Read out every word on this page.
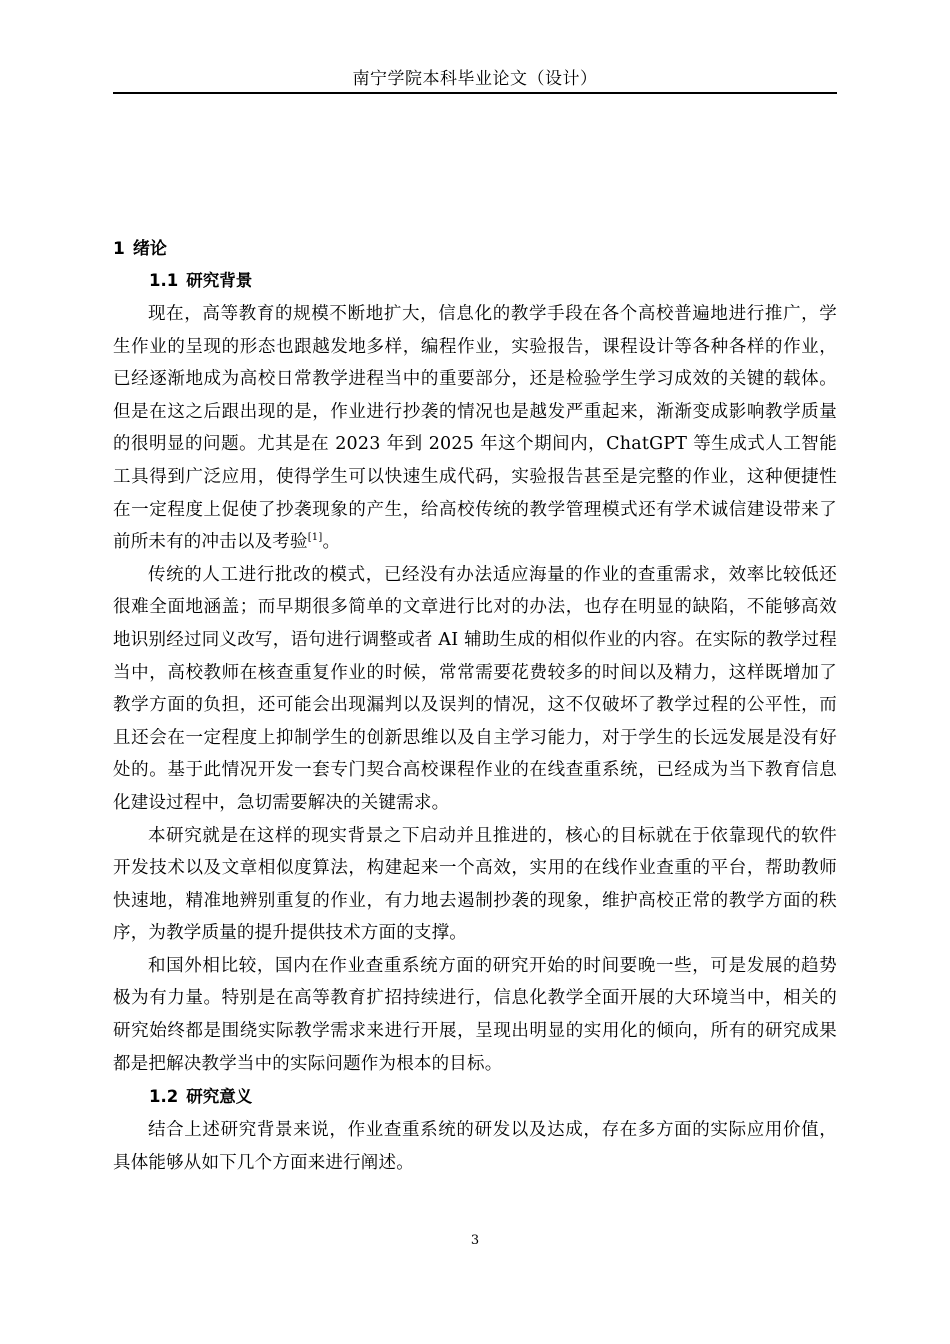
南宁学院本科毕业论文（设计）
1 绪论
1.1 研究背景

现在，高等教育的规模不断地扩大，信息化的教学手段在各个高校普遍地进行推广，学生作业的呈现的形态也跟越发地多样，编程作业，实验报告，课程设计等各种各样的作业，已经逐渐地成为高校日常教学进程当中的重要部分，还是检验学生学习成效的关键的载体。但是在这之后跟出现的是，作业进行抄袭的情况也是越发严重起来，渐渐变成影响教学质量的很明显的问题。尤其是在 2023 年到 2025 年这个期间内，ChatGPT 等生成式人工智能工具得到广泛应用，使得学生可以快速生成代码，实验报告甚至是完整的作业，这种便捷性在一定程度上促使了抄袭现象的产生，给高校传统的教学管理模式还有学术诚信建设带来了前所未有的冲击以及考验[1]。

传统的人工进行批改的模式，已经没有办法适应海量的作业的查重需求，效率比较低还很难全面地涵盖；而早期很多简单的文章进行比对的办法，也存在明显的缺陷，不能够高效地识别经过同义改写，语句进行调整或者 AI 辅助生成的相似作业的内容。在实际的教学过程当中，高校教师在核查重复作业的时候，常常需要花费较多的时间以及精力，这样既增加了教学方面的负担，还可能会出现漏判以及误判的情况，这不仅破坏了教学过程的公平性，而且还会在一定程度上抑制学生的创新思维以及自主学习能力，对于学生的长远发展是没有好处的。基于此情况开发一套专门契合高校课程作业的在线查重系统，已经成为当下教育信息化建设过程中，急切需要解决的关键需求。

本研究就是在这样的现实背景之下启动并且推进的，核心的目标就在于依靠现代的软件开发技术以及文章相似度算法，构建起来一个高效，实用的在线作业查重的平台，帮助教师快速地，精准地辨别重复的作业，有力地去遏制抄袭的现象，维护高校正常的教学方面的秩序，为教学质量的提升提供技术方面的支撑。

和国外相比较，国内在作业查重系统方面的研究开始的时间要晚一些，可是发展的趋势极为有力量。特别是在高等教育扩招持续进行，信息化教学全面开展的大环境当中，相关的研究始终都是围绕实际教学需求来进行开展，呈现出明显的实用化的倾向，所有的研究成果都是把解决教学当中的实际问题作为根本的目标。

1.2 研究意义

结合上述研究背景来说，作业查重系统的研发以及达成，存在多方面的实际应用价值，具体能够从如下几个方面来进行阐述。

3
